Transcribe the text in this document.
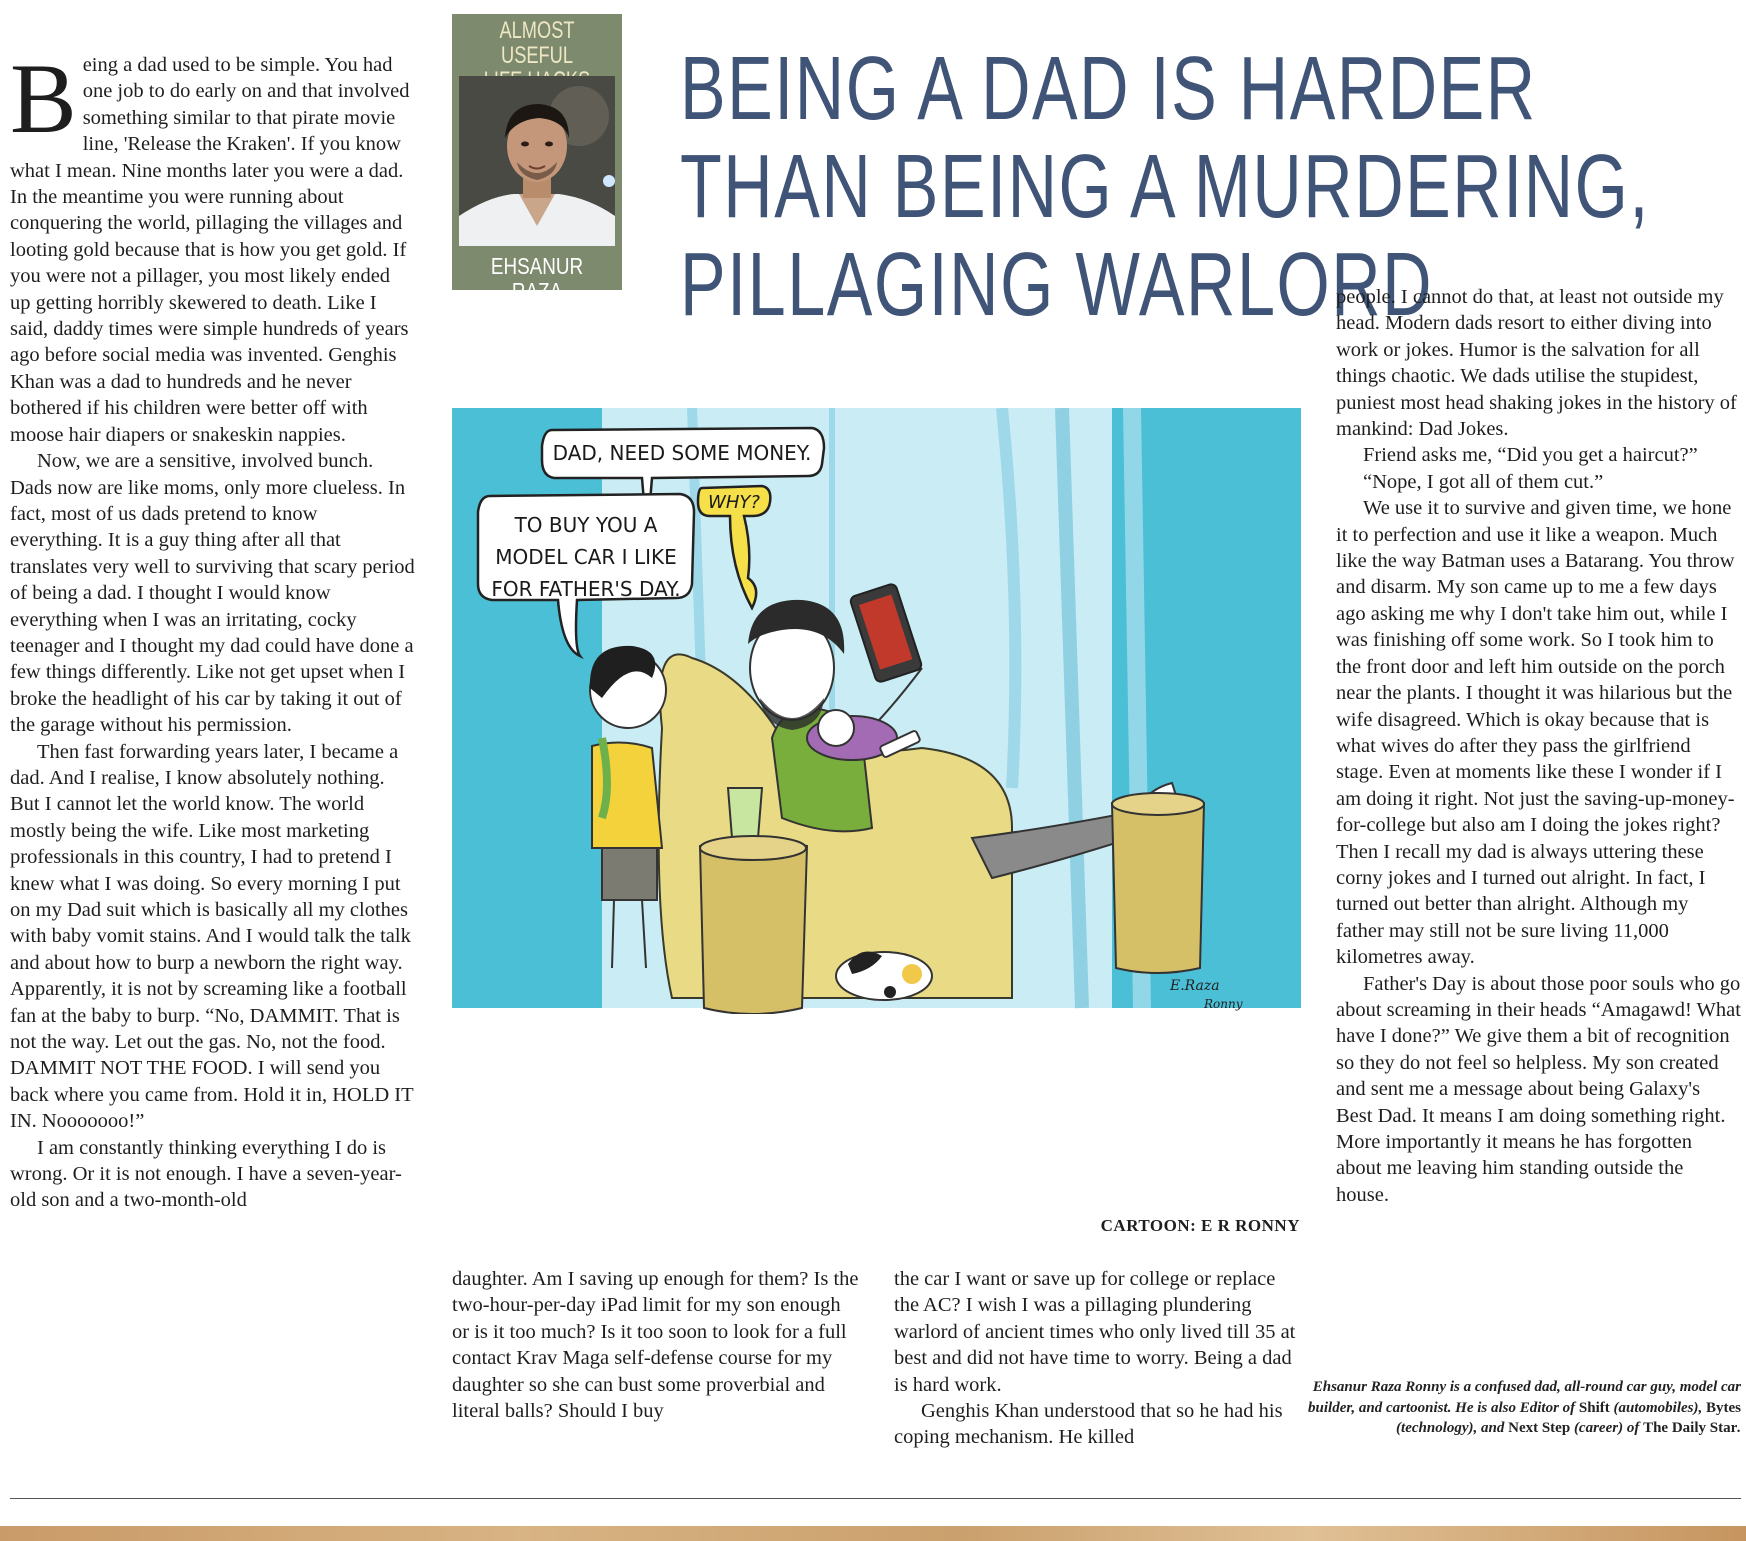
Being a dad used to be simple. You had one job to do early on and that involved something similar to that pirate movie line, 'Release the Kraken'. If you know what I mean. Nine months later you were a dad. In the meantime you were running about conquering the world, pillaging the villages and looting gold because that is how you get gold. If you were not a pillager, you most likely ended up getting horribly skewered to death. Like I said, daddy times were simple hundreds of years ago before social media was invented. Genghis Khan was a dad to hundreds and he never bothered if his children were better off with moose hair diapers or snakeskin nappies.

Now, we are a sensitive, involved bunch. Dads now are like moms, only more clueless. In fact, most of us dads pretend to know everything. It is a guy thing after all that translates very well to surviving that scary period of being a dad. I thought I would know everything when I was an irritating, cocky teenager and I thought my dad could have done a few things differently. Like not get upset when I broke the headlight of his car by taking it out of the garage without his permission.

Then fast forwarding years later, I became a dad. And I realise, I know absolutely nothing. But I cannot let the world know. The world mostly being the wife. Like most marketing professionals in this country, I had to pretend I knew what I was doing. So every morning I put on my Dad suit which is basically all my clothes with baby vomit stains. And I would talk the talk and about how to burp a newborn the right way. Apparently, it is not by screaming like a football fan at the baby to burp. “No, DAMMIT. That is not the way. Let out the gas. No, not the food. DAMMIT NOT THE FOOD. I will send you back where you came from. Hold it in, HOLD IT IN. Nooooooo!”

I am constantly thinking everything I do is wrong. Or it is not enough. I have a seven-year-old son and a two-month-old

ALMOST USEFUL

EHSANUR RAZA
RONNY
BEING A DAD IS HARDER
THAN BEING A MURDERING,
PILLAGING WARLORD
DAD, NEED SOME MONEY.
WHY?
TO BUY YOU A
MODEL CAR I LIKE
FOR FATHER'S DAY.
E.Raza
Ronny
CARTOON: E R RONNY

daughter. Am I saving up enough for them? Is the two-hour-per-day iPad limit for my son enough or is it too much? Is it too soon to look for a full contact Krav Maga self-defense course for my daughter so she can bust some proverbial and literal balls? Should I buy

the car I want or save up for college or replace the AC? I wish I was a pillaging plundering warlord of ancient times who only lived till 35 at best and did not have time to worry. Being a dad is hard work.

Genghis Khan understood that so he had his coping mechanism. He killed

people. I cannot do that, at least not outside my head. Modern dads resort to either diving into work or jokes. Humor is the salvation for all things chaotic. We dads utilise the stupidest, puniest most head shaking jokes in the history of mankind: Dad Jokes.

Friend asks me, “Did you get a haircut?”

“Nope, I got all of them cut.”

We use it to survive and given time, we hone it to perfection and use it like a weapon. Much like the way Batman uses a Batarang. You throw and disarm. My son came up to me a few days ago asking me why I don't take him out, while I was finishing off some work. So I took him to the front door and left him outside on the porch near the plants. I thought it was hilarious but the wife disagreed. Which is okay because that is what wives do after they pass the girlfriend stage. Even at moments like these I wonder if I am doing it right. Not just the saving-up-money-for-college but also am I doing the jokes right? Then I recall my dad is always uttering these corny jokes and I turned out alright. In fact, I turned out better than alright. Although my father may still not be sure living 11,000 kilometres away.

Father's Day is about those poor souls who go about screaming in their heads “Amagawd! What have I done?” We give them a bit of recognition so they do not feel so helpless. My son created and sent me a message about being Galaxy's Best Dad. It means I am doing something right. More importantly it means he has forgotten about me leaving him standing outside the house.

Ehsanur Raza Ronny is a confused dad, all-round car guy, model car builder, and cartoonist. He is also Editor of Shift (automobiles), Bytes (technology), and Next Step (career) of The Daily Star.
